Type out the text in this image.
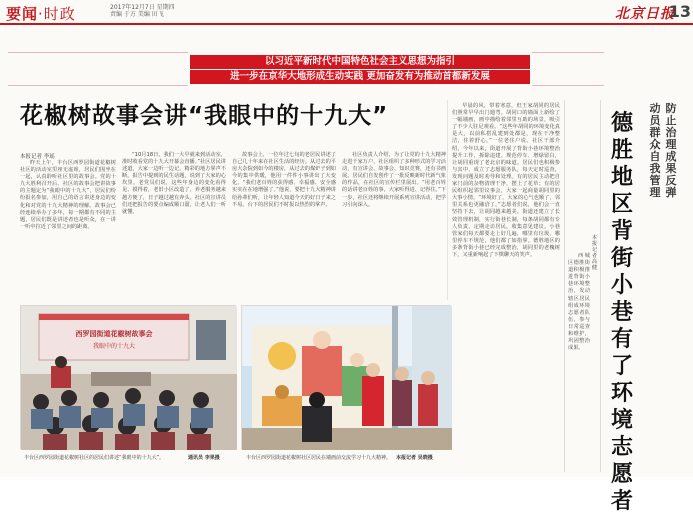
要闻·时政	2017年12月7日 星期四
责编 于方 美编 田飞	北京日报
13
以习近平新时代中国特色社会主义思想为指引
进一步在京华大地形成生动实践 更加奋发有为推动首都新发展
花椒树故事会讲“我眼中的十九大”
本报记者 李瑶

昨天上午，丰台区西罗园街道花椒树社区的活动室里座无虚席，居民们围坐在一起，认真聆听社区里的故事会。党的十九大胜利召开后，社区的故事会把讲故事的主题定为“我眼中的十九大”，居民们纷纷报名参加，用自己的语言讲述身边的变化和对党的十九大精神的理解。故事会已经连续举办了多年，每一期都有不同的主题，居民们既是讲述者也是听众，在一讲一听中拉近了邻里之间的距离。

“10月18日，我们一大早就来到活动室，准时收看党的十九大开幕会直播。”社区居民讲述道，大家一边听一边记，精彩的地方掌声不断。报告中提到的民生话题，说到了大家的心坎里。老党员们说，这些年身边的变化看得见、摸得着，老旧小区改造了，养老服务越来越方便了，日子越过越有奔头。社区的宣讲员们还把报告的要点编成顺口溜，让老人们一听就懂。

故事会上，一位年过七旬的老居民讲述了自己几十年来在社区生活的经历。从过去的平房大杂院到如今的楼房，从过去的煤炉子到如今的集中供暖，他用一件件小事讲出了大变化。“我们老百姓的获得感、幸福感、安全感实实在在地增强了。”他说，要把十九大精神讲给孙辈们听，让年轻人知道今天的好日子来之不易。台下的居民们不时报以热烈的掌声。

社区负责人介绍，为了让党的十九大精神走进千家万户，社区组织了多种形式的学习活动，有宣讲会、故事会、知识竞赛，还有书画展。居民们自发创作了一批反映新时代新气象的作品，在社区的宣传栏里展出。“用老百姓的话讲老百姓的事，大家听得进、记得住。”下一步，社区还将继续开展系列宣讲活动，把学习引向深入。

早晨的风，带着寒意，但王家胡同的居民们照常早早出门遛弯。胡同口的墙面上新绘了一幅墙画，画中描绘着邻里互助的场景，吸引了不少人驻足观看。“这些年胡同的环境变化真是大，以前私搭乱建到处都是，现在干净整洁，住着舒心。”一位老住户说。社区干部介绍，今年以来，街道开展了背街小巷环境整治提升工作，拆除违建、规范停车、增绿留白，让胡同重现了老北京的味道。居民们也积极参与其中，成立了志愿服务队，每天定时巡查，发现问题及时劝导和处理。有的居民主动把自家门前的杂物清理干净，摆上了花草；有的居民组织起邻里议事会，大家一起商量胡同里的大事小情。“环境好了，大家的心气也顺了，邻里关系也更融洽了。”志愿者们说，他们会一直坚持下去，让胡同越来越美。街道还建立了长效管理机制，实行街巷长制，每条胡同都有专人负责，定期走访居民，收集意见建议。小巷管家们每天都要走上好几遍，哪里有垃圾、哪里停车不规范，他们都了如指掌。德胜地区的多条背街小巷已经完成整治，胡同里的老槐树下，又重新响起了下棋聊天的笑声。

西罗园街道花椒树故事会
我眼中的十九大
丰台区西罗园街道花椒树社区的居民们讲述“我眼中的十九大”。	通讯员 李果摄	丰台区西罗园街道花椒树社区居民在墙画前交流学习十九大精神。 本报记者 吴晓摄
动员群众自我管理
防止治理成果反弹
德胜地区背街小巷有了环境志愿者
本报记者 高健

西城区德胜街道积极推进背街小巷环境整治，发动辖区居民组成环境志愿者队伍，参与日常巡查和维护，巩固整治成果。
